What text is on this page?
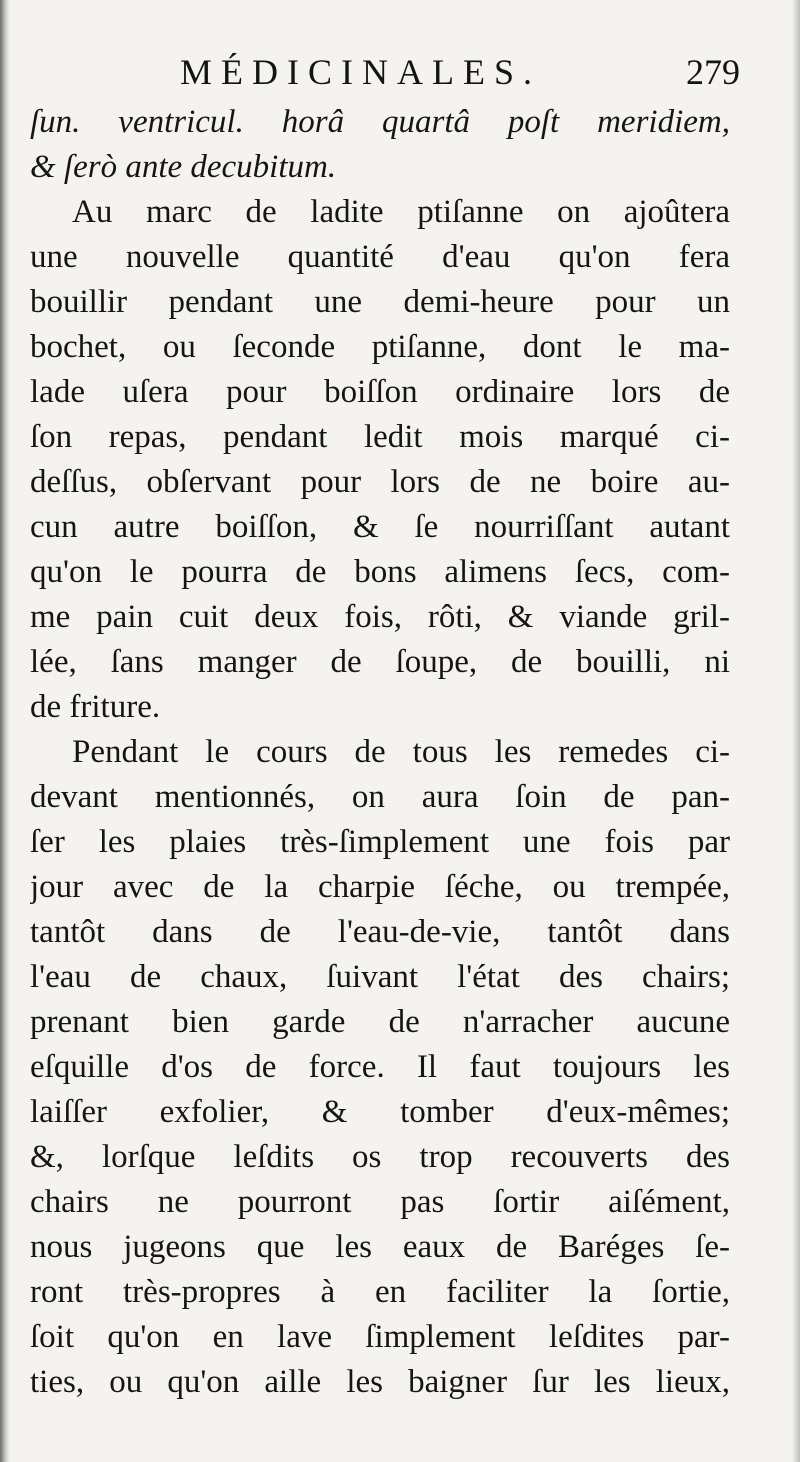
MÉDICINALES.	279
ſun. ventricul. horâ quartâ poſt meridiem,
& ſerò ante decubitum.
Au marc de ladite ptiſanne on ajoûtera
une nouvelle quantité d'eau qu'on fera
bouillir pendant une demi-heure pour un
bochet, ou ſeconde ptiſanne, dont le ma-
lade uſera pour boiſſon ordinaire lors de
ſon repas, pendant ledit mois marqué ci-
deſſus, obſervant pour lors de ne boire au-
cun autre boiſſon, & ſe nourriſſant autant
qu'on le pourra de bons alimens ſecs, com-
me pain cuit deux fois, rôti, & viande gril-
lée, ſans manger de ſoupe, de bouilli, ni
de friture.
Pendant le cours de tous les remedes ci-
devant mentionnés, on aura ſoin de pan-
ſer les plaies très-ſimplement une fois par
jour avec de la charpie ſéche, ou trempée,
tantôt dans de l'eau-de-vie, tantôt dans
l'eau de chaux, ſuivant l'état des chairs;
prenant bien garde de n'arracher aucune
eſquille d'os de force. Il faut toujours les
laiſſer exfolier, & tomber d'eux-mêmes;
&, lorſque leſdits os trop recouverts des
chairs ne pourront pas ſortir aiſément,
nous jugeons que les eaux de Baréges ſe-
ront très-propres à en faciliter la ſortie,
ſoit qu'on en lave ſimplement leſdites par-
ties, ou qu'on aille les baigner ſur les lieux,
